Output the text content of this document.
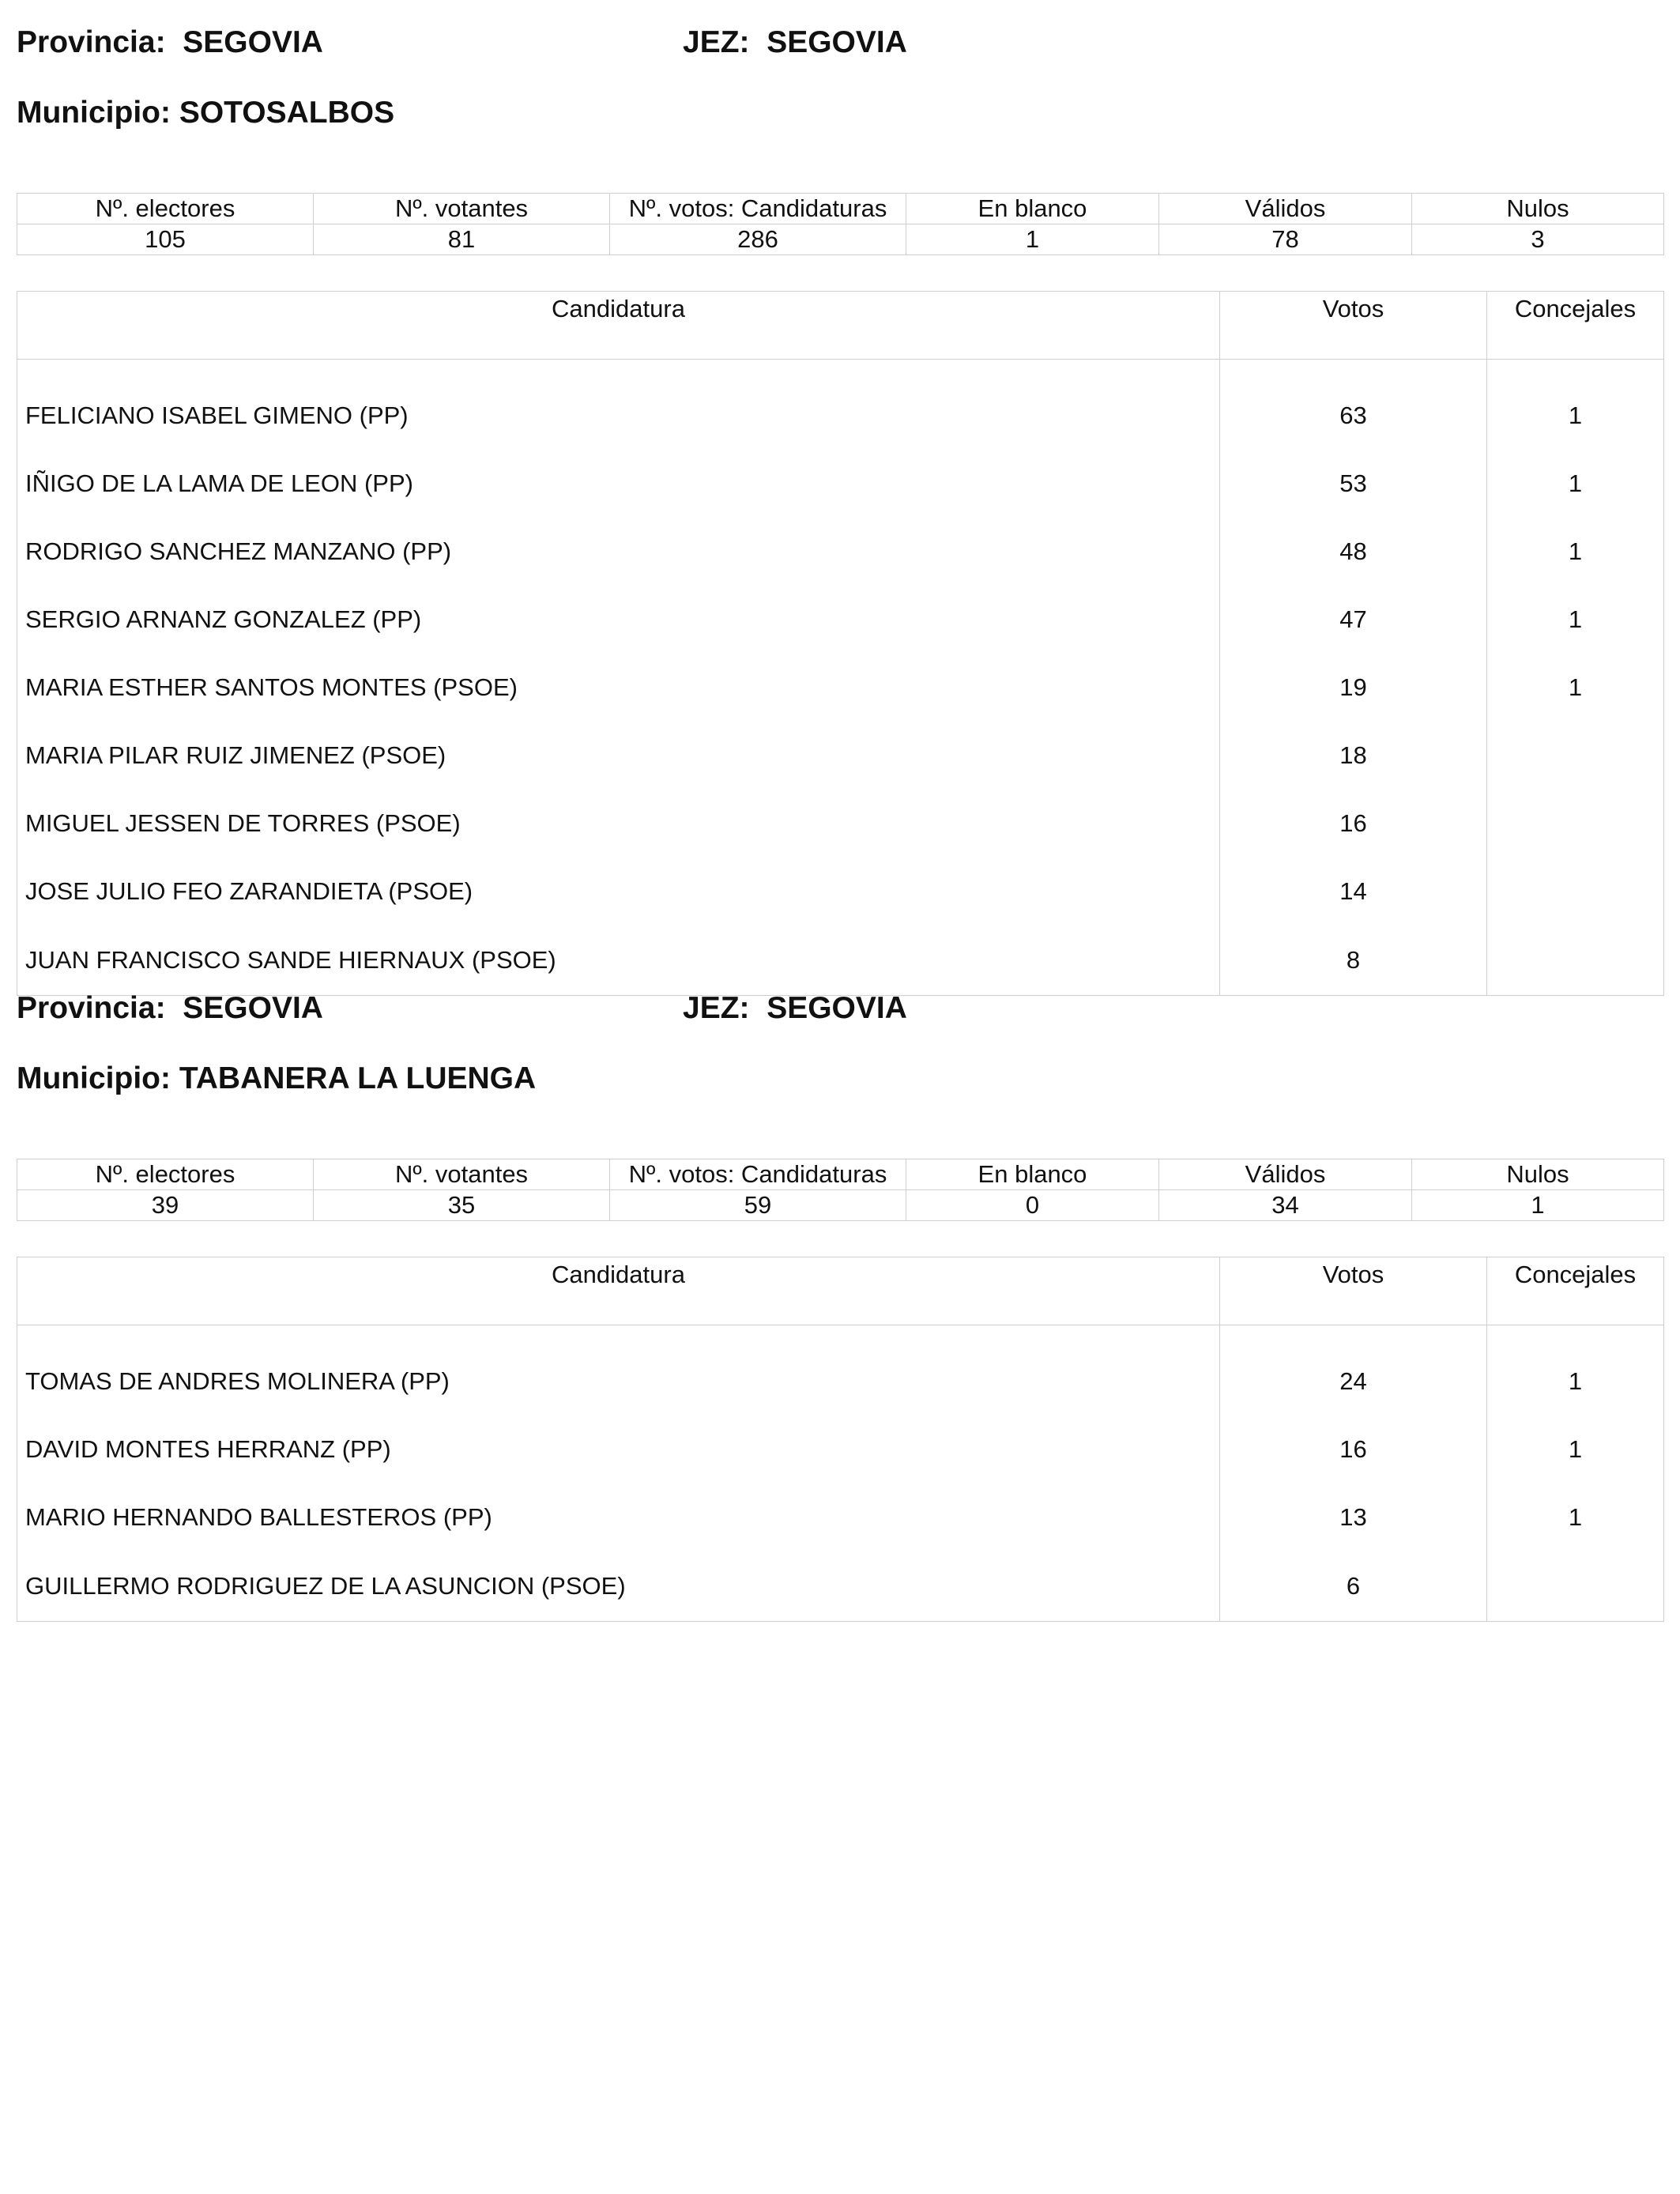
Provincia: SEGOVIA	JEZ: SEGOVIA
Municipio: SOTOSALBOS
Nº. electores	Nº. votantes	Nº. votos: Candidaturas	En blanco	Válidos	Nulos
105	81	286	1	78	3
Candidatura	Votos	Concejales
FELICIANO ISABEL GIMENO (PP)	63	1
IÑIGO DE LA LAMA DE LEON (PP)	53	1
RODRIGO SANCHEZ MANZANO (PP)	48	1
SERGIO ARNANZ GONZALEZ (PP)	47	1
MARIA ESTHER SANTOS MONTES (PSOE)	19	1
MARIA PILAR RUIZ JIMENEZ (PSOE)	18	
MIGUEL JESSEN DE TORRES (PSOE)	16	
JOSE JULIO FEO ZARANDIETA (PSOE)	14	
JUAN FRANCISCO SANDE HIERNAUX (PSOE)	8	
Provincia: SEGOVIA	JEZ: SEGOVIA
Municipio: TABANERA LA LUENGA
Nº. electores	Nº. votantes	Nº. votos: Candidaturas	En blanco	Válidos	Nulos
39	35	59	0	34	1
Candidatura	Votos	Concejales
TOMAS DE ANDRES MOLINERA (PP)	24	1
DAVID MONTES HERRANZ (PP)	16	1
MARIO HERNANDO BALLESTEROS (PP)	13	1
GUILLERMO RODRIGUEZ DE LA ASUNCION (PSOE)	6	
